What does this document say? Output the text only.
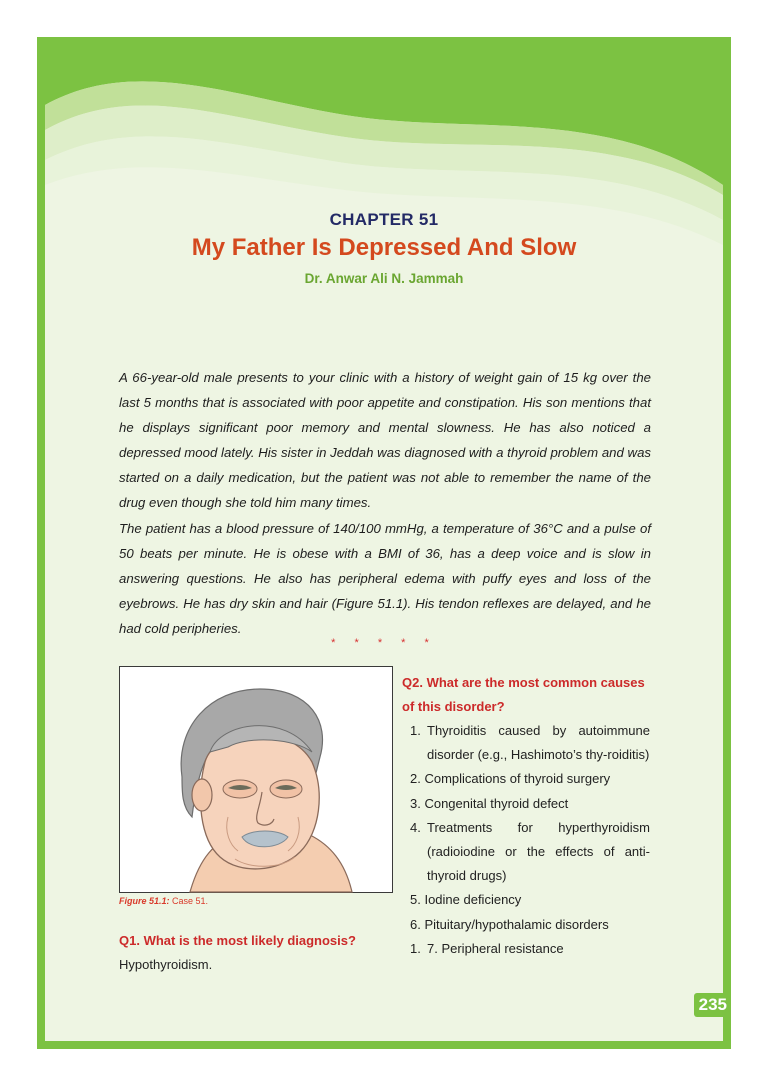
CHAPTER 51
My Father Is Depressed And Slow
Dr. Anwar Ali N. Jammah

A 66-year-old male presents to your clinic with a history of weight gain of 15 kg over the last 5 months that is associated with poor appetite and constipation. His son mentions that he displays significant poor memory and mental slowness. He has also noticed a depressed mood lately. His sister in Jeddah was diagnosed with a thyroid problem and was started on a daily medication, but the patient was not able to remember the name of the drug even though she told him many times.

The patient has a blood pressure of 140/100 mmHg, a temperature of 36°C and a pulse of 50 beats per minute. He is obese with a BMI of 36, has a deep voice and is slow in answering questions. He also has peripheral edema with puffy eyes and loss of the eyebrows. He has dry skin and hair (Figure 51.1). His tendon reflexes are delayed, and he had cold peripheries.

* * * * *
Figure 51.1: Case 51.
Q1. What is the most likely diagnosis?
Hypothyroidism.
Q2. What are the most common causes of this disorder?
1. Thyroiditis caused by autoimmune disorder (e.g., Hashimoto’s thy-roiditis)
2. Complications of thyroid surgery
3. Congenital thyroid defect
4. Treatments for hyperthyroidism (radioiodine or the effects of anti-thyroid drugs)
5. Iodine deficiency
6. Pituitary/hypothalamic disorders
1. 7. Peripheral resistance
235
